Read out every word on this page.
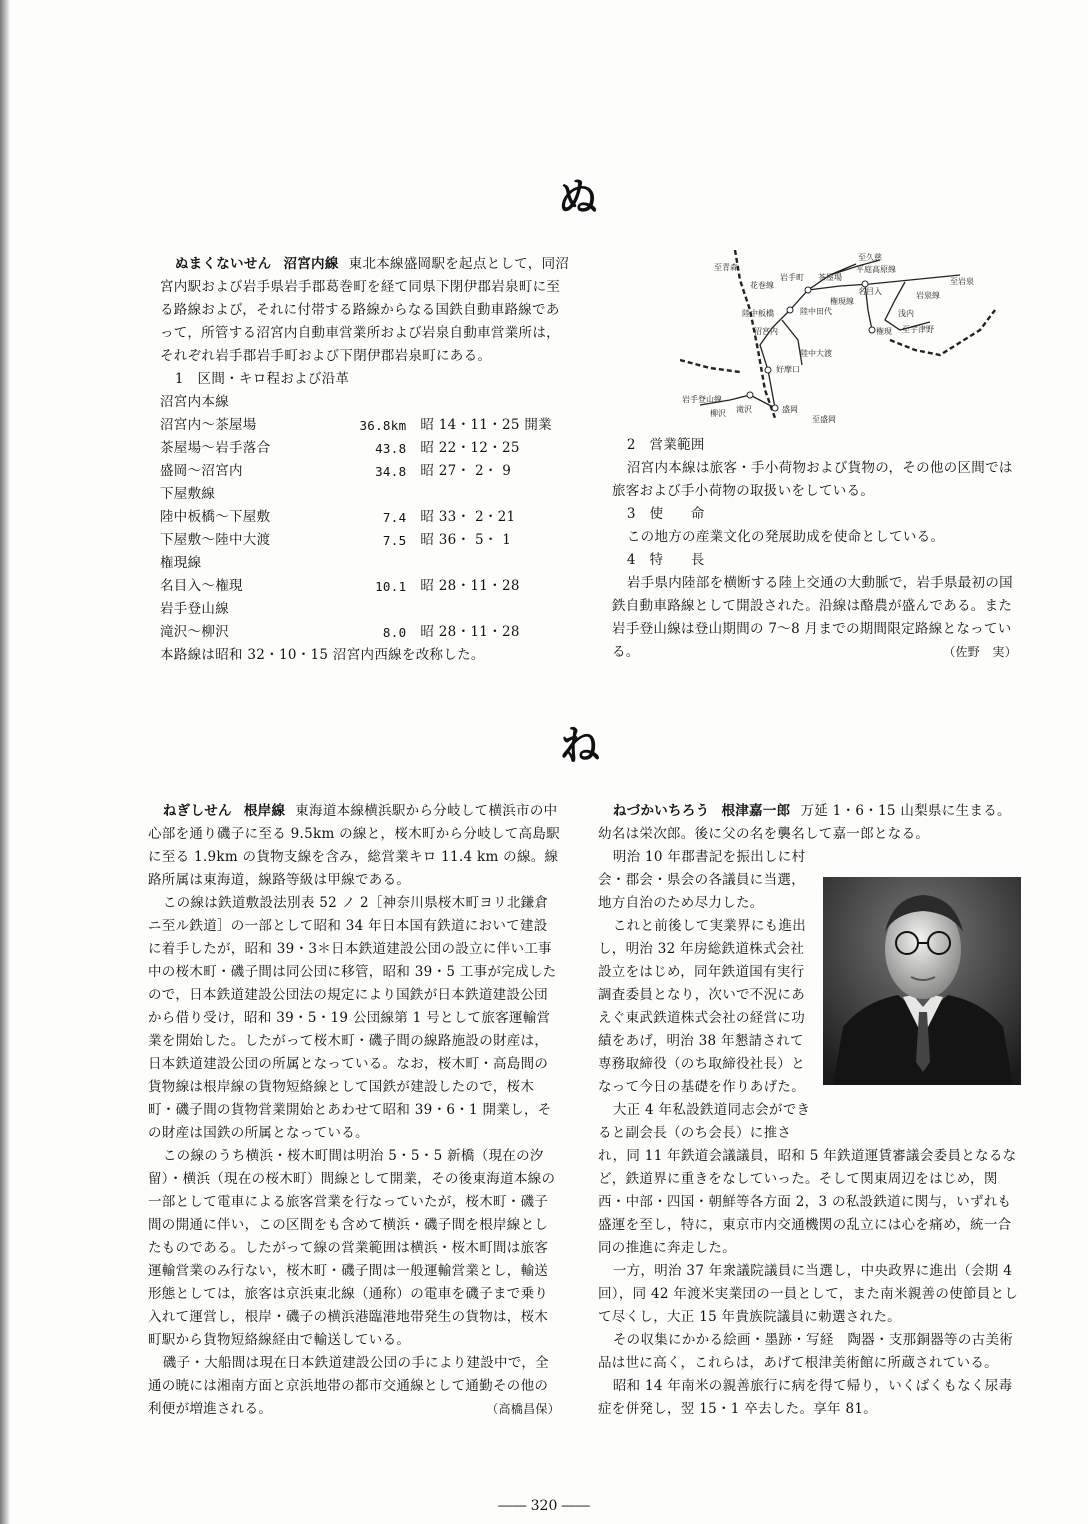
ぬ

ぬまくないせん 沼宮内線 東北本線盛岡駅を起点として，同沼宮内駅および岩手県岩手郡葛巻町を経て同県下閉伊郡岩泉町に至る路線および，それに付帯する路線からなる国鉄自動車路線であって，所管する沼宮内自動車営業所および岩泉自動車営業所は，それぞれ岩手郡岩手町および下閉伊郡岩泉町にある。

1　区間・キロ程および沿革

沼宮内本線
沼宮内～茶屋場	36.8km	昭 14・11・25 開業
茶屋場～岩手落合	43.8	昭 22・12・25
盛岡～沼宮内	34.8	昭 27・ 2・ 9
下屋敷線
陸中板橋～下屋敷	7.4	昭 33・ 2・21
下屋敷～陸中大渡	7.5	昭 36・ 5・ 1
権現線
名目入～権現	10.1	昭 28・11・28
岩手登山線
滝沢～柳沢	8.0	昭 28・11・28

本路線は昭和 32・10・15 沼宮内西線を改称した。

至久慈
平庭高原線
至岩泉
茶屋場
名目入	岩泉線
権現線
権現
浅内
至宇津野
陸中板橋
沼宮内
好摩口
陸中大渡
岩手登山線
柳沢 滝沢	盛岡
至青森
花巻線
岩手町
陸中田代
至盛岡

2　営業範囲

沼宮内本線は旅客・手小荷物および貨物の，その他の区間では旅客および手小荷物の取扱いをしている。

3　使　　命

この地方の産業文化の発展助成を使命としている。

4　特　　長

岩手県内陸部を横断する陸上交通の大動脈で，岩手県最初の国鉄自動車路線として開設された。沿線は酪農が盛んである。また岩手登山線は登山期間の 7～8 月までの期間限定路線となっている。	（佐野　実）

ね

ねぎしせん 根岸線 東海道本線横浜駅から分岐して横浜市の中心部を通り磯子に至る 9.5km の線と，桜木町から分岐して高島駅に至る 1.9km の貨物支線を含み，総営業キロ 11.4 km の線。線路所属は東海道，線路等級は甲線である。

この線は鉄道敷設法別表 52 ノ 2［神奈川県桜木町ヨリ北鎌倉ニ至ル鉄道］の一部として昭和 34 年日本国有鉄道において建設に着手したが，昭和 39・3＊日本鉄道建設公団の設立に伴い工事中の桜木町・磯子間は同公団に移管，昭和 39・5 工事が完成したので，日本鉄道建設公団法の規定により国鉄が日本鉄道建設公団から借り受け，昭和 39・5・19 公団線第 1 号として旅客運輸営業を開始した。したがって桜木町・磯子間の線路施設の財産は，日本鉄道建設公団の所属となっている。なお，桜木町・高島間の貨物線は根岸線の貨物短絡線として国鉄が建設したので，桜木町・磯子間の貨物営業開始とあわせて昭和 39・6・1 開業し，その財産は国鉄の所属となっている。

この線のうち横浜・桜木町間は明治 5・5・5 新橋（現在の汐留）・横浜（現在の桜木町）間線として開業，その後東海道本線の一部として電車による旅客営業を行なっていたが，桜木町・磯子間の開通に伴い，この区間をも含めて横浜・磯子間を根岸線としたものである。したがって線の営業範囲は横浜・桜木町間は旅客運輸営業のみ行ない，桜木町・磯子間は一般運輸営業とし，輸送形態としては，旅客は京浜東北線（通称）の電車を磯子まで乗り入れて運営し，根岸・磯子の横浜港臨港地帯発生の貨物は，桜木町駅から貨物短絡線経由で輸送している。

磯子・大船間は現在日本鉄道建設公団の手により建設中で，全通の暁には湘南方面と京浜地帯の都市交通線として通勤その他の利便が増進される。	（高橋昌保）

ねづかいちろう 根津嘉一郎 万延 1・6・15 山梨県に生まる。幼名は栄次郎。後に父の名を襲名して嘉一郎となる。

明治 10 年郡書記を振出しに村会・郡会・県会の各議員に当選，地方自治のため尽力した。

これと前後して実業界にも進出し，明治 32 年房総鉄道株式会社設立をはじめ，同年鉄道国有実行調査委員となり，次いで不況にあえぐ東武鉄道株式会社の経営に功績をあげ，明治 38 年懇請されて専務取締役（のち取締役社長）となって今日の基礎を作りあげた。

大正 4 年私設鉄道同志会ができると副会長（のち会長）に推され，同 11 年鉄道会議議員，昭和 5 年鉄道運賃審議会委員となるなど，鉄道界に重きをなしていった。そして関東周辺をはじめ，関西・中部・四国・朝鮮等各方面 2，3 の私設鉄道に関与，いずれも盛運を至し，特に，東京市内交通機関の乱立には心を痛め，統一合同の推進に奔走した。

一方，明治 37 年衆議院議員に当選し，中央政界に進出（会期 4 回），同 42 年渡米実業団の一員として，また南米親善の使節員として尽くし，大正 15 年貴族院議員に勅選された。

その収集にかかる絵画・墨跡・写経　陶器・支那銅器等の古美術品は世に高く，これらは，あげて根津美術館に所蔵されている。

昭和 14 年南米の親善旅行に病を得て帰り，いくばくもなく尿毒症を併発し，翌 15・1 卒去した。享年 81。

―― 320 ――
